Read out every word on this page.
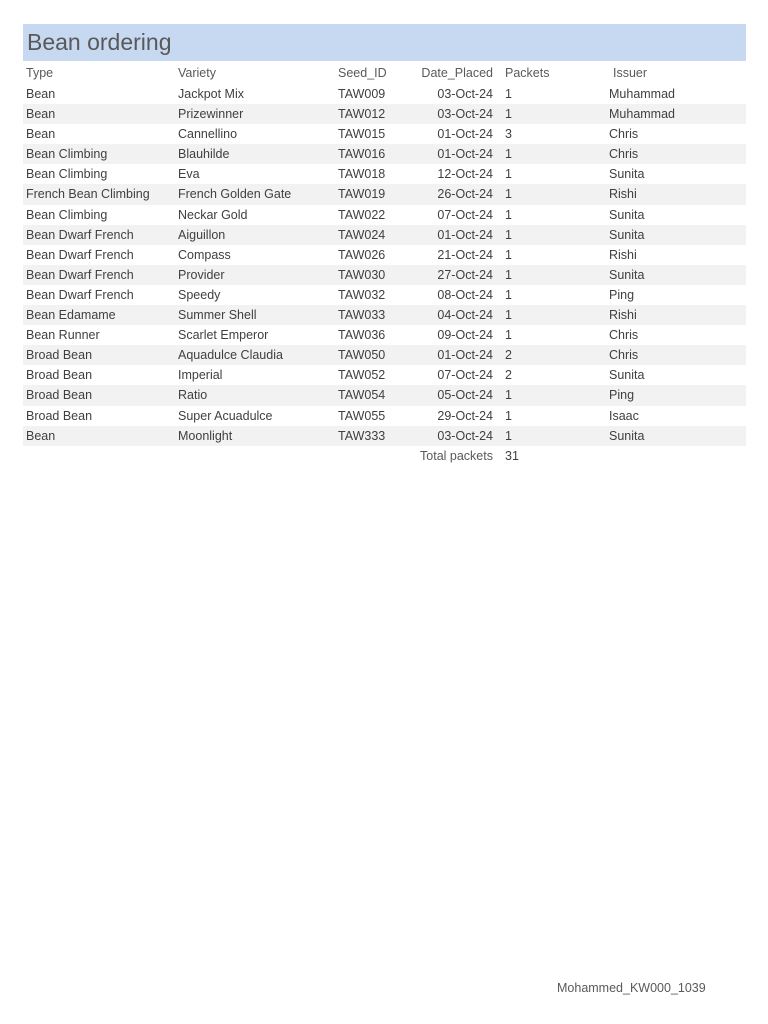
Bean ordering
Type	Variety	Seed_ID	Date_Placed Packets	Issuer
Bean	Jackpot Mix	TAW009	03-Oct-24 1	Muhammad
Bean	Prizewinner	TAW012	03-Oct-24 1	Muhammad
Bean	Cannellino	TAW015	01-Oct-24 3	Chris
Bean Climbing	Blauhilde	TAW016	01-Oct-24 1	Chris
Bean Climbing	Eva	TAW018	12-Oct-24 1	Sunita
French Bean Climbing	French Golden Gate	TAW019	26-Oct-24 1	Rishi
Bean Climbing	Neckar Gold	TAW022	07-Oct-24 1	Sunita
Bean Dwarf French	Aiguillon	TAW024	01-Oct-24 1	Sunita
Bean Dwarf French	Compass	TAW026	21-Oct-24 1	Rishi
Bean Dwarf French	Provider	TAW030	27-Oct-24 1	Sunita
Bean Dwarf French	Speedy	TAW032	08-Oct-24 1	Ping
Bean Edamame	Summer Shell	TAW033	04-Oct-24 1	Rishi
Bean Runner	Scarlet Emperor	TAW036	09-Oct-24 1	Chris
Broad Bean	Aquadulce Claudia	TAW050	01-Oct-24 2	Chris
Broad Bean	Imperial	TAW052	07-Oct-24 2	Sunita
Broad Bean	Ratio	TAW054	05-Oct-24 1	Ping
Broad Bean	Super Acuadulce	TAW055	29-Oct-24 1	Isaac
Bean	Moonlight	TAW333	03-Oct-24 1	Sunita
Total packets 31
Mohammed_KW000_1039
